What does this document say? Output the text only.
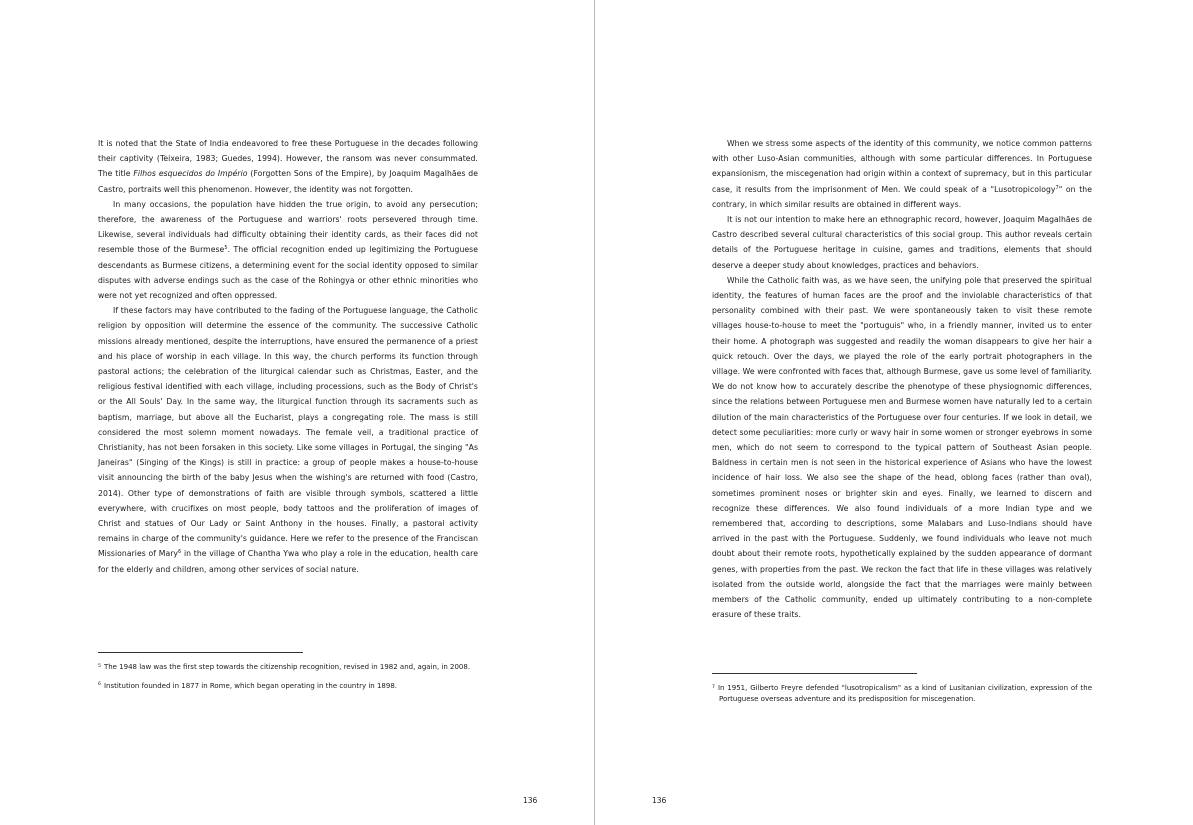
It is noted that the State of India endeavored to free these Portuguese in the decades following their captivity (Teixeira, 1983; Guedes, 1994). However, the ransom was never consummated. The title Filhos esquecidos do Império (Forgotten Sons of the Empire), by Joaquim Magalhães de Castro, portraits well this phenomenon. However, the identity was not forgotten.

In many occasions, the population have hidden the true origin, to avoid any persecution; therefore, the awareness of the Portuguese and warriors' roots persevered through time. Likewise, several individuals had difficulty obtaining their identity cards, as their faces did not resemble those of the Burmese$^5$. The official recognition ended up legitimizing the Portuguese descendants as Burmese citizens, a determining event for the social identity opposed to similar disputes with adverse endings such as the case of the Rohingya or other ethnic minorities who were not yet recognized and often oppressed.

If these factors may have contributed to the fading of the Portuguese language, the Catholic religion by opposition will determine the essence of the community. The successive Catholic missions already mentioned, despite the interruptions, have ensured the permanence of a priest and his place of worship in each village. In this way, the church performs its function through pastoral actions; the celebration of the liturgical calendar such as Christmas, Easter, and the religious festival identified with each village, including processions, such as the Body of Christ's or the All Souls' Day. In the same way, the liturgical function through its sacraments such as baptism, marriage, but above all the Eucharist, plays a congregating role. The mass is still considered the most solemn moment nowadays. The female veil, a traditional practice of Christianity, has not been forsaken in this society. Like some villages in Portugal, the singing "As Janeiras" (Singing of the Kings) is still in practice: a group of people makes a house-to-house visit announcing the birth of the baby Jesus when the wishing's are returned with food (Castro, 2014). Other type of demonstrations of faith are visible through symbols, scattered a little everywhere, with crucifixes on most people, body tattoos and the proliferation of images of Christ and statues of Our Lady or Saint Anthony in the houses. Finally, a pastoral activity remains in charge of the community's guidance. Here we refer to the presence of the Franciscan Missionaries of Mary$^6$ in the village of Chantha Ywa who play a role in the education, health care for the elderly and children, among other services of social nature.

$^5$ The 1948 law was the first step towards the citizenship recognition, revised in 1982 and, again, in 2008.

$^6$ Institution founded in 1877 in Rome, which began operating in the country in 1898.

136

When we stress some aspects of the identity of this community, we notice common patterns with other Luso-Asian communities, although with some particular differences. In Portuguese expansionism, the miscegenation had origin within a context of supremacy, but in this particular case, it results from the imprisonment of Men. We could speak of a "Lusotropicology$^7$" on the contrary, in which similar results are obtained in different ways.

It is not our intention to make here an ethnographic record, however, Joaquim Magalhães de Castro described several cultural characteristics of this social group. This author reveals certain details of the Portuguese heritage in cuisine, games and traditions, elements that should deserve a deeper study about knowledges, practices and behaviors.

While the Catholic faith was, as we have seen, the unifying pole that preserved the spiritual identity, the features of human faces are the proof and the inviolable characteristics of that personality combined with their past. We were spontaneously taken to visit these remote villages house-to-house to meet the "portuguis" who, in a friendly manner, invited us to enter their home. A photograph was suggested and readily the woman disappears to give her hair a quick retouch. Over the days, we played the role of the early portrait photographers in the village. We were confronted with faces that, although Burmese, gave us some level of familiarity. We do not know how to accurately describe the phenotype of these physiognomic differences, since the relations between Portuguese men and Burmese women have naturally led to a certain dilution of the main characteristics of the Portuguese over four centuries. If we look in detail, we detect some peculiarities: more curly or wavy hair in some women or stronger eyebrows in some men, which do not seem to correspond to the typical pattern of Southeast Asian people. Baldness in certain men is not seen in the historical experience of Asians who have the lowest incidence of hair loss. We also see the shape of the head, oblong faces (rather than oval), sometimes prominent noses or brighter skin and eyes. Finally, we learned to discern and recognize these differences. We also found individuals of a more Indian type and we remembered that, according to descriptions, some Malabars and Luso-Indians should have arrived in the past with the Portuguese. Suddenly, we found individuals who leave not much doubt about their remote roots, hypothetically explained by the sudden appearance of dormant genes, with properties from the past. We reckon the fact that life in these villages was relatively isolated from the outside world, alongside the fact that the marriages were mainly between members of the Catholic community, ended up ultimately contributing to a non-complete erasure of these traits.

$^7$ In 1951, Gilberto Freyre defended "lusotropicalism" as a kind of Lusitanian civilization, expression of the Portuguese overseas adventure and its predisposition for miscegenation.

136
